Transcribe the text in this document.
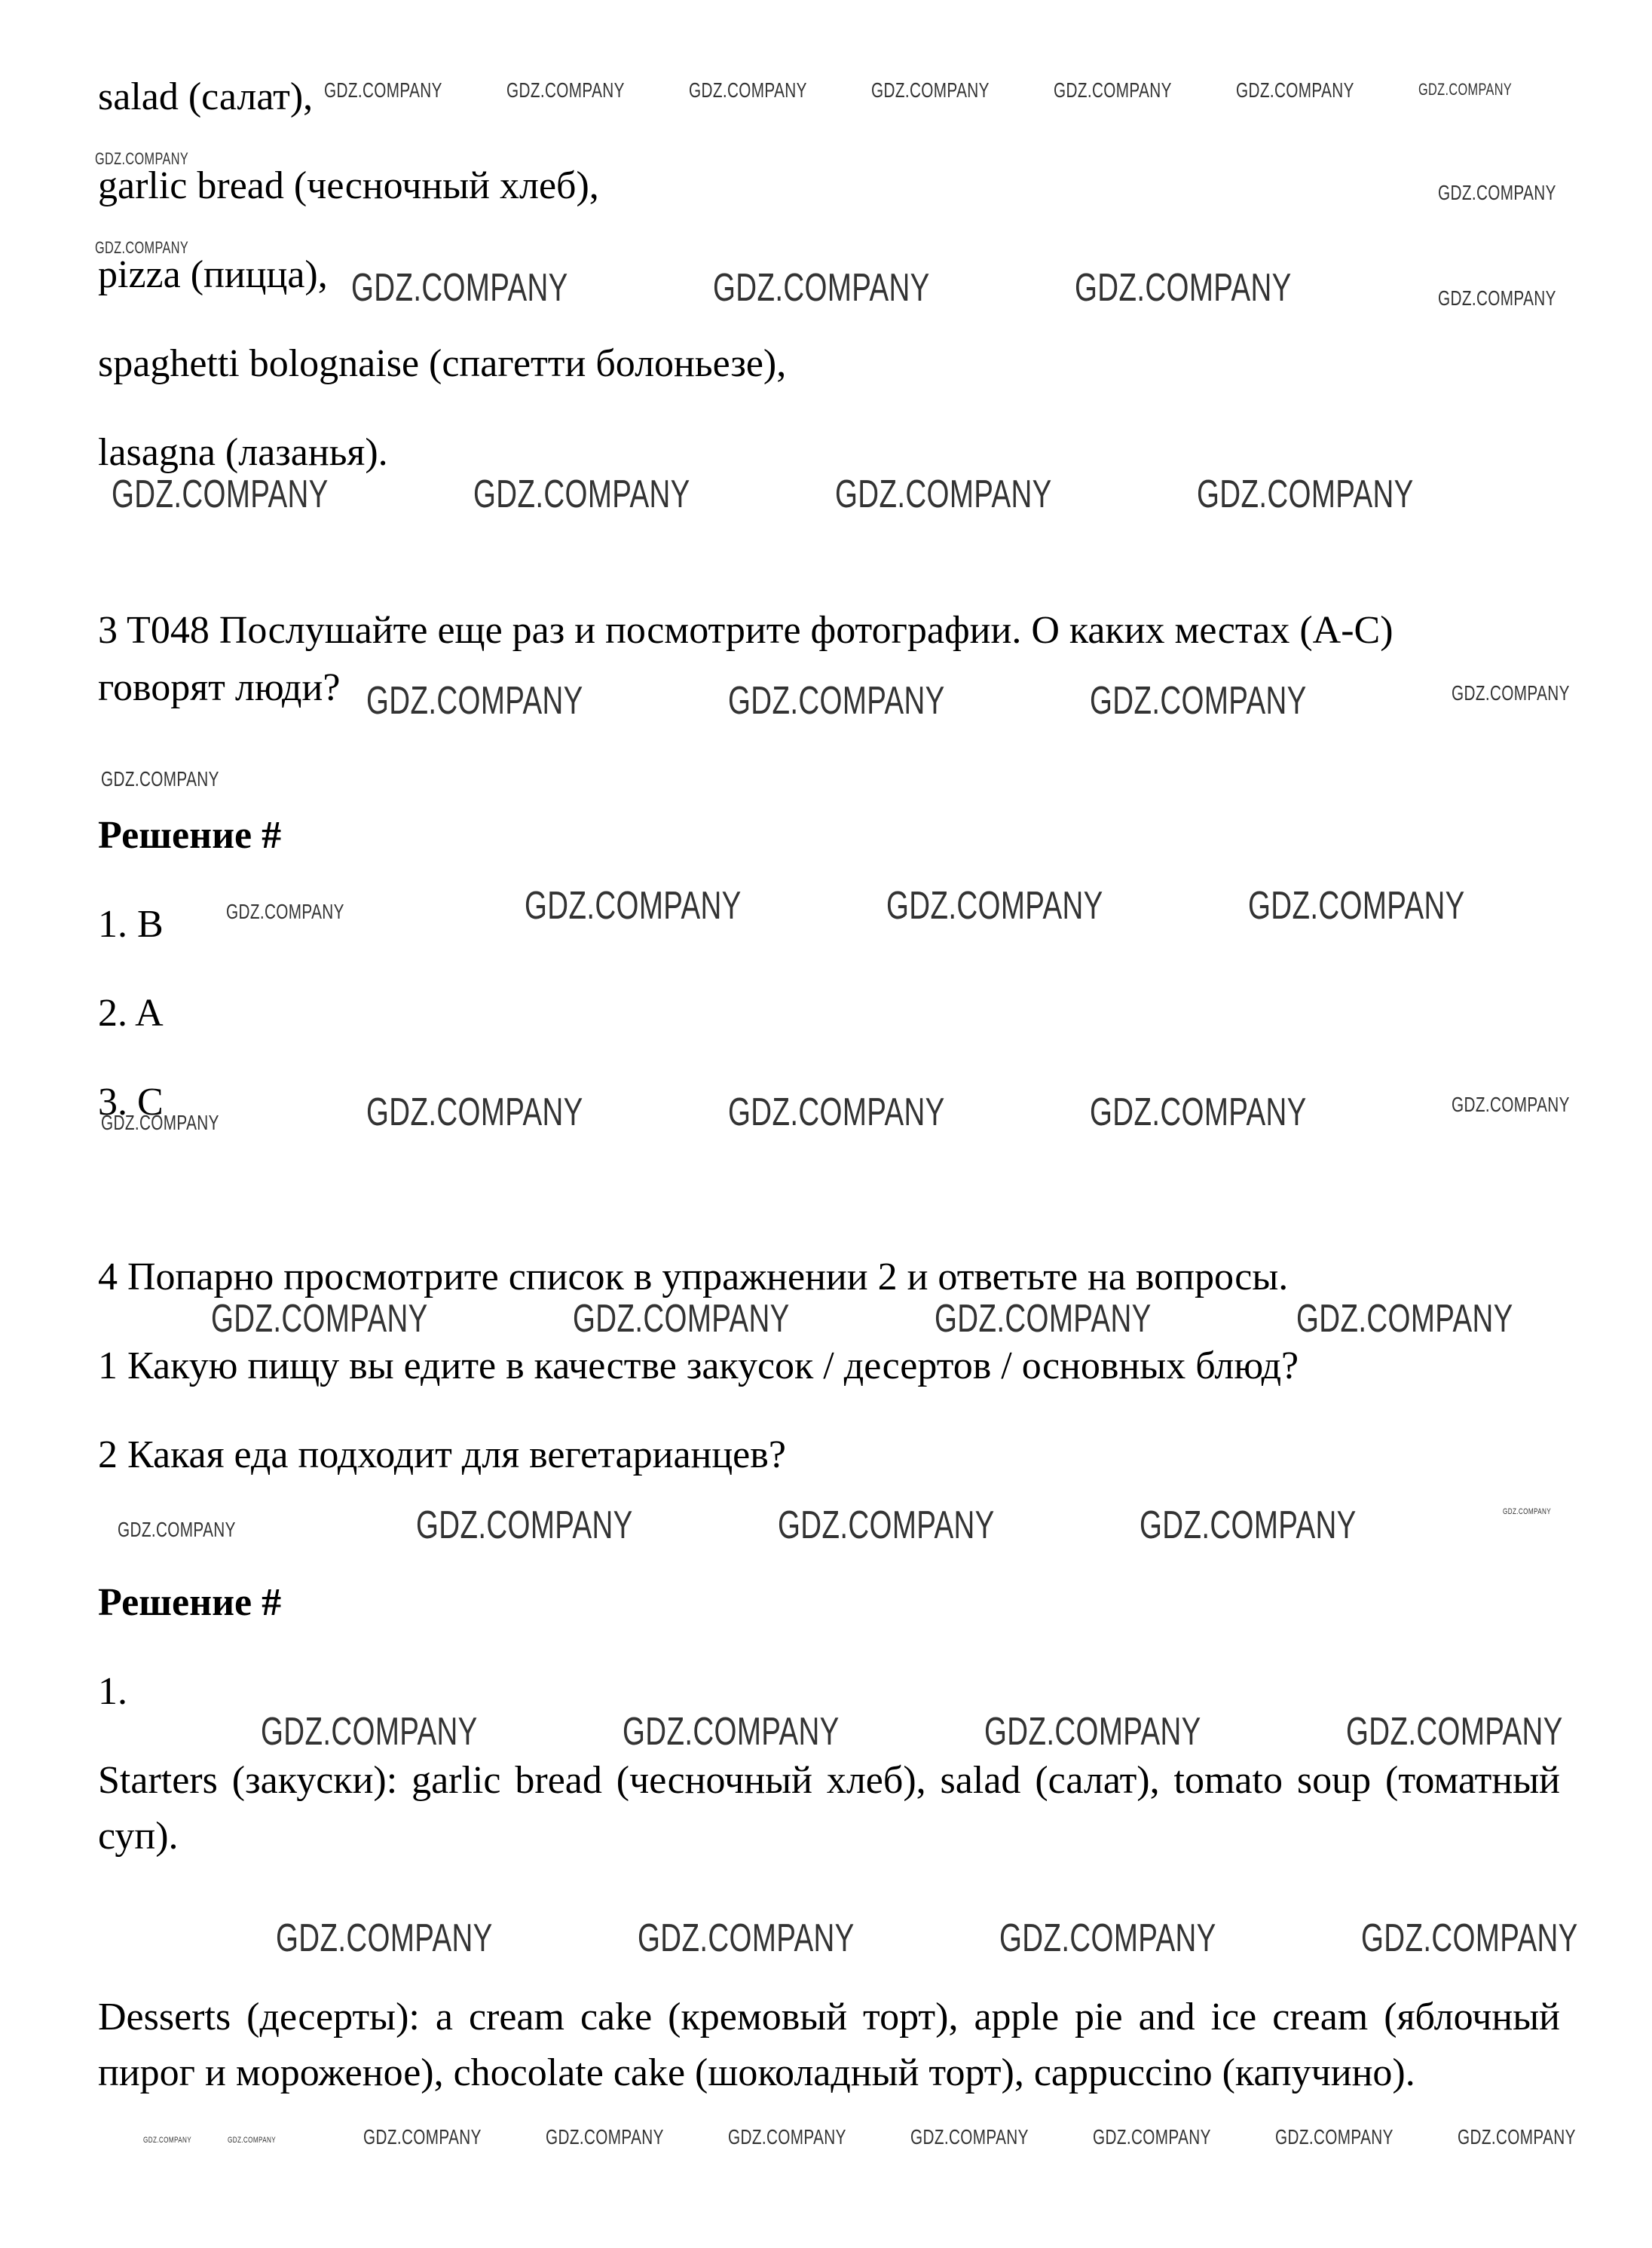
salad (салат),
garlic bread (чесночный хлеб),
pizza (пицца),
spaghetti bolognaise (спагетти болоньезе),
lasagna (лазанья).
3 T048 Послушайте еще раз и посмотрите фотографии. О каких местах (A-C)
говорят люди?
Решение #
1. B
2. A
3. C
4 Попарно просмотрите список в упражнении 2 и ответьте на вопросы.
1 Какую пищу вы едите в качестве закусок / десертов / основных блюд?
2 Какая еда подходит для вегетарианцев?
Решение #
1.
Starters (закуски): garlic bread (чесночный хлеб), salad (салат), tomato soup (томатный суп).
Desserts (десерты): a cream cake (кремовый торт), apple pie and ice cream (яблочный пирог и мороженое), chocolate cake (шоколадный торт), cappuccino (капучино).
GDZ.COMPANY	GDZ.COMPANY	GDZ.COMPANY	GDZ.COMPANY	GDZ.COMPANY	GDZ.COMPANY	GDZ.COMPANY
GDZ.COMPANY
GDZ.COMPANY
GDZ.COMPANY
GDZ.COMPANY	GDZ.COMPANY	GDZ.COMPANY	GDZ.COMPANY
GDZ.COMPANY	GDZ.COMPANY	GDZ.COMPANY	GDZ.COMPANY
GDZ.COMPANY	GDZ.COMPANY	GDZ.COMPANY	GDZ.COMPANY
GDZ.COMPANY
GDZ.COMPANY	GDZ.COMPANY	GDZ.COMPANY	GDZ.COMPANY
GDZ.COMPANY	GDZ.COMPANY	GDZ.COMPANY	GDZ.COMPANY	GDZ.COMPANY
GDZ.COMPANY	GDZ.COMPANY	GDZ.COMPANY	GDZ.COMPANY
GDZ.COMPANY	GDZ.COMPANY	GDZ.COMPANY	GDZ.COMPANY	GDZ.COMPANY
GDZ.COMPANY	GDZ.COMPANY	GDZ.COMPANY	GDZ.COMPANY
GDZ.COMPANY	GDZ.COMPANY	GDZ.COMPANY	GDZ.COMPANY
GDZ.COMPANY	GDZ.COMPANY	GDZ.COMPANY	GDZ.COMPANY	GDZ.COMPANY	GDZ.COMPANY	GDZ.COMPANY	GDZ.COMPANY	GDZ.COMPANY
